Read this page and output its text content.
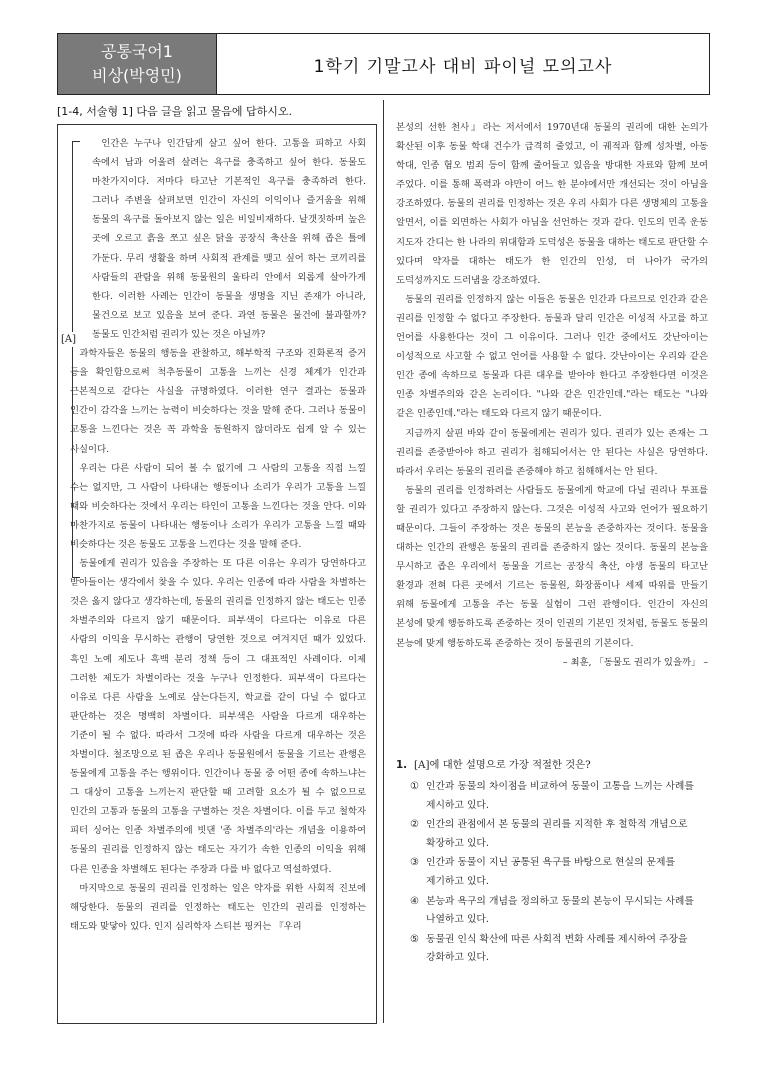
공통국어1
비상(박영민)	1학기 기말고사 대비 파이널 모의고사

[1-4, 서술형 1] 다음 글을 읽고 물음에 답하시오.

[A]

인간은 누구나 인간답게 살고 싶어 한다. 고통을 피하고 사회 속에서 남과 어울려 살려는 욕구를 충족하고 싶어 한다. 동물도 마찬가지이다. 저마다 타고난 기본적인 욕구를 충족하려 한다. 그러나 주변을 살펴보면 인간이 자신의 이익이나 즐거움을 위해 동물의 욕구를 돌아보지 않는 일은 비일비재하다. 날갯짓하며 높은 곳에 오르고 흙을 쪼고 싶은 닭을 공장식 축산을 위해 좁은 틀에 가둔다. 무리 생활을 하며 사회적 관계를 맺고 싶어 하는 코끼리를 사람들의 관람을 위해 동물원의 울타리 안에서 외롭게 살아가게 한다. 이러한 사례는 인간이 동물을 생명을 지닌 존재가 아니라, 물건으로 보고 있음을 보여 준다. 과연 동물은 물건에 불과할까? 동물도 인간처럼 권리가 있는 것은 아닐까?

과학자들은 동물의 행동을 관찰하고, 해부학적 구조와 진화론적 증거 등을 확인함으로써 척추동물이 고통을 느끼는 신경 체계가 인간과 근본적으로 같다는 사실을 규명하였다. 이러한 연구 결과는 동물과 인간이 감각을 느끼는 능력이 비슷하다는 것을 말해 준다. 그러나 동물이 고통을 느낀다는 것은 꼭 과학을 동원하지 않더라도 쉽게 알 수 있는 사실이다.

우리는 다른 사람이 되어 볼 수 없기에 그 사람의 고통을 직접 느낄 수는 없지만, 그 사람이 나타내는 행동이나 소리가 우리가 고통을 느낄 때와 비슷하다는 것에서 우리는 타인이 고통을 느낀다는 것을 안다. 이와 마찬가지로 동물이 나타내는 행동이나 소리가 우리가 고통을 느낄 때와 비슷하다는 것은 동물도 고통을 느낀다는 것을 말해 준다.

동물에게 권리가 있음을 주장하는 또 다른 이유는 우리가 당연하다고 받아들이는 생각에서 찾을 수 있다. 우리는 인종에 따라 사람을 차별하는 것은 옳지 않다고 생각하는데, 동물의 권리를 인정하지 않는 태도는 인종 차별주의와 다르지 않기 때문이다. 피부색이 다르다는 이유로 다른 사람의 이익을 무시하는 관행이 당연한 것으로 여겨지던 때가 있었다. 흑인 노예 제도나 흑백 분리 정책 등이 그 대표적인 사례이다. 이제 그러한 제도가 차별이라는 것을 누구나 인정한다. 피부색이 다르다는 이유로 다른 사람을 노예로 삼는다든지, 학교를 같이 다닐 수 없다고 판단하는 것은 명백히 차별이다. 피부색은 사람을 다르게 대우하는 기준이 될 수 없다. 따라서 그것에 따라 사람을 다르게 대우하는 것은 차별이다. 철조망으로 된 좁은 우리나 동물원에서 동물을 기르는 관행은 동물에게 고통을 주는 행위이다. 인간이나 동물 중 어떤 종에 속하느냐는 그 대상이 고통을 느끼는지 판단할 때 고려할 요소가 될 수 없으므로 인간의 고통과 동물의 고통을 구별하는 것은 차별이다. 이를 두고 철학자 피터 싱어는 인종 차별주의에 빗댄 '종 차별주의'라는 개념을 이용하여 동물의 권리를 인정하지 않는 태도는 자기가 속한 인종의 이익을 위해 다른 인종을 차별해도 된다는 주장과 다를 바 없다고 역설하였다.

마지막으로 동물의 권리를 인정하는 일은 약자를 위한 사회적 진보에 해당한다. 동물의 권리를 인정하는 태도는 인간의 권리를 인정하는 태도와 맞닿아 있다. 인지 심리학자 스티븐 핑커는 『우리

본성의 선한 천사』라는 저서에서 1970년대 동물의 권리에 대한 논의가 확산된 이후 동물 학대 건수가 급격히 줄었고, 이 궤적과 함께 성차별, 아동 학대, 인종 혐오 범죄 등이 함께 줄어들고 있음을 방대한 자료와 함께 보여 주었다. 이를 통해 폭력과 야만이 어느 한 분야에서만 개선되는 것이 아님을 강조하였다. 동물의 권리를 인정하는 것은 우리 사회가 다른 생명체의 고통을 알면서, 이를 외면하는 사회가 아님을 선언하는 것과 같다. 인도의 민족 운동 지도자 간디는 한 나라의 위대함과 도덕성은 동물을 대하는 태도로 판단할 수 있다며 약자를 대하는 태도가 한 인간의 인성, 더 나아가 국가의 도덕성까지도 드러냄을 강조하였다.

동물의 권리를 인정하지 않는 이들은 동물은 인간과 다르므로 인간과 같은 권리를 인정할 수 없다고 주장한다. 동물과 달리 인간은 이성적 사고를 하고 언어를 사용한다는 것이 그 이유이다. 그러나 인간 중에서도 갓난아이는 이성적으로 사고할 수 없고 언어를 사용할 수 없다. 갓난아이는 우리와 같은 인간 종에 속하므로 동물과 다른 대우를 받아야 한다고 주장한다면 이것은 인종 차별주의와 같은 논리이다. "나와 같은 인간인데."라는 태도는 "나와 같은 인종인데."라는 태도와 다르지 않기 때문이다.

지금까지 살핀 바와 같이 동물에게는 권리가 있다. 권리가 있는 존재는 그 권리를 존중받아야 하고 권리가 침해되어서는 안 된다는 사실은 당연하다. 따라서 우리는 동물의 권리를 존중해야 하고 침해해서는 안 된다.

동물의 권리를 인정하려는 사람들도 동물에게 학교에 다닐 권리나 투표를 할 권리가 있다고 주장하지 않는다. 그것은 이성적 사고와 언어가 필요하기 때문이다. 그들이 주장하는 것은 동물의 본능을 존중하자는 것이다. 동물을 대하는 인간의 관행은 동물의 권리를 존중하지 않는 것이다. 동물의 본능을 무시하고 좁은 우리에서 동물을 기르는 공장식 축산, 야생 동물의 타고난 환경과 전혀 다른 곳에서 기르는 동물원, 화장품이나 세제 따위를 만들기 위해 동물에게 고통을 주는 동물 실험이 그런 관행이다. 인간이 자신의 본성에 맞게 행동하도록 존중하는 것이 인권의 기본인 것처럼, 동물도 동물의 본능에 맞게 행동하도록 존중하는 것이 동물권의 기본이다.

– 최훈, 「동물도 권리가 있을까」 –

1. [A]에 대한 설명으로 가장 적절한 것은?
① 인간과 동물의 차이점을 비교하여 동물이 고통을 느끼는 사례를 제시하고 있다.
② 인간의 관점에서 본 동물의 권리를 지적한 후 철학적 개념으로 확장하고 있다.
③ 인간과 동물이 지닌 공통된 욕구를 바탕으로 현실의 문제를 제기하고 있다.
④ 본능과 욕구의 개념을 정의하고 동물의 본능이 무시되는 사례를 나열하고 있다.
⑤ 동물권 인식 확산에 따른 사회적 변화 사례를 제시하여 주장을 강화하고 있다.
